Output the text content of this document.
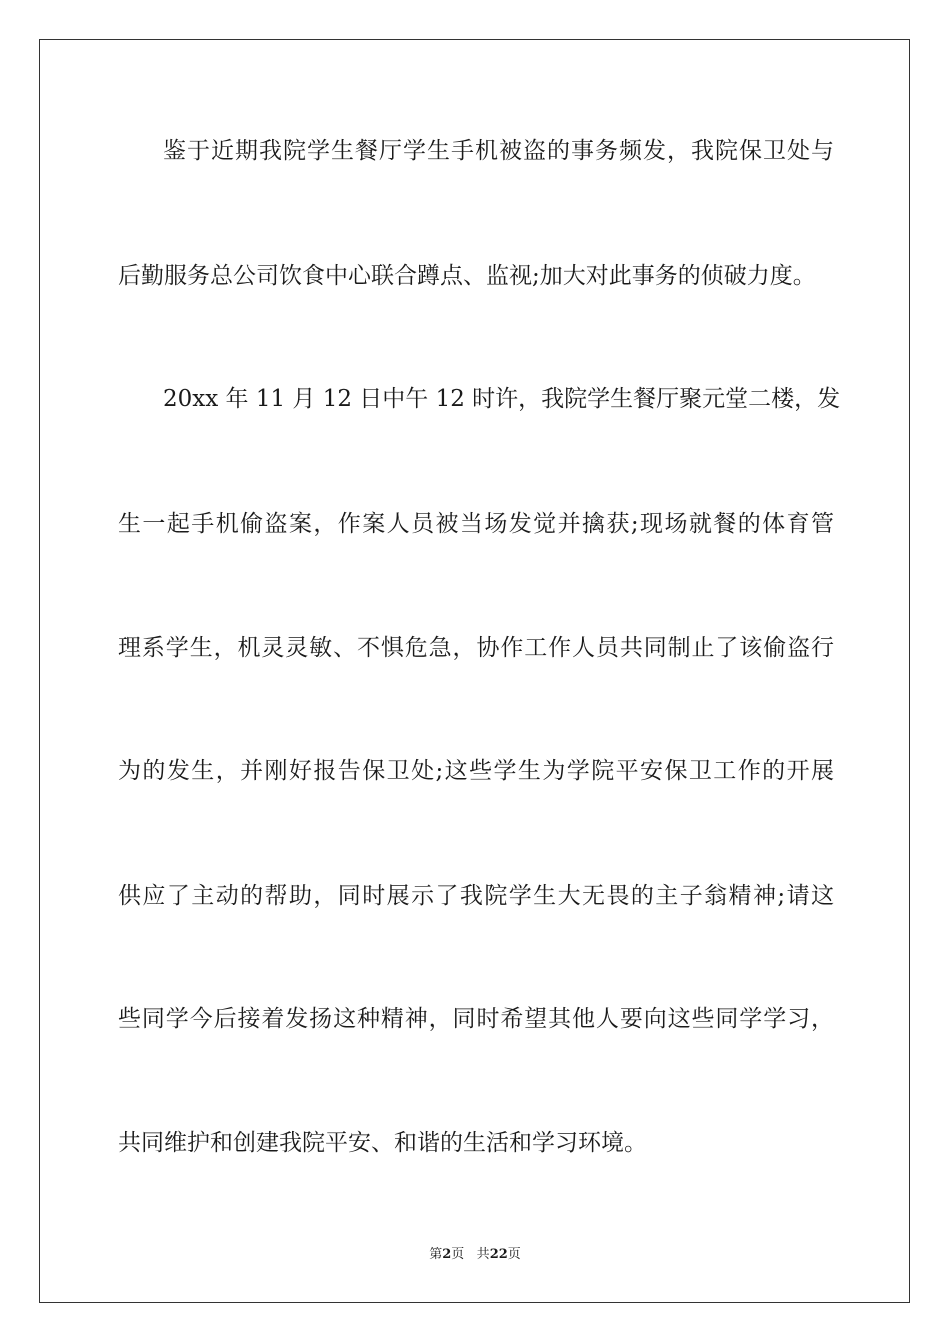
鉴于近期我院学生餐厅学生手机被盗的事务频发，我院保卫处与
后勤服务总公司饮食中心联合蹲点、监视;加大对此事务的侦破力度。
20xx 年 11 月 12 日中午 12 时许，我院学生餐厅聚元堂二楼，发
生一起手机偷盗案，作案人员被当场发觉并擒获;现场就餐的体育管
理系学生，机灵灵敏、不惧危急，协作工作人员共同制止了该偷盗行
为的发生，并刚好报告保卫处;这些学生为学院平安保卫工作的开展
供应了主动的帮助，同时展示了我院学生大无畏的主子翁精神;请这
些同学今后接着发扬这种精神，同时希望其他人要向这些同学学习，
共同维护和创建我院平安、和谐的生活和学习环境。
第2页 共22页
